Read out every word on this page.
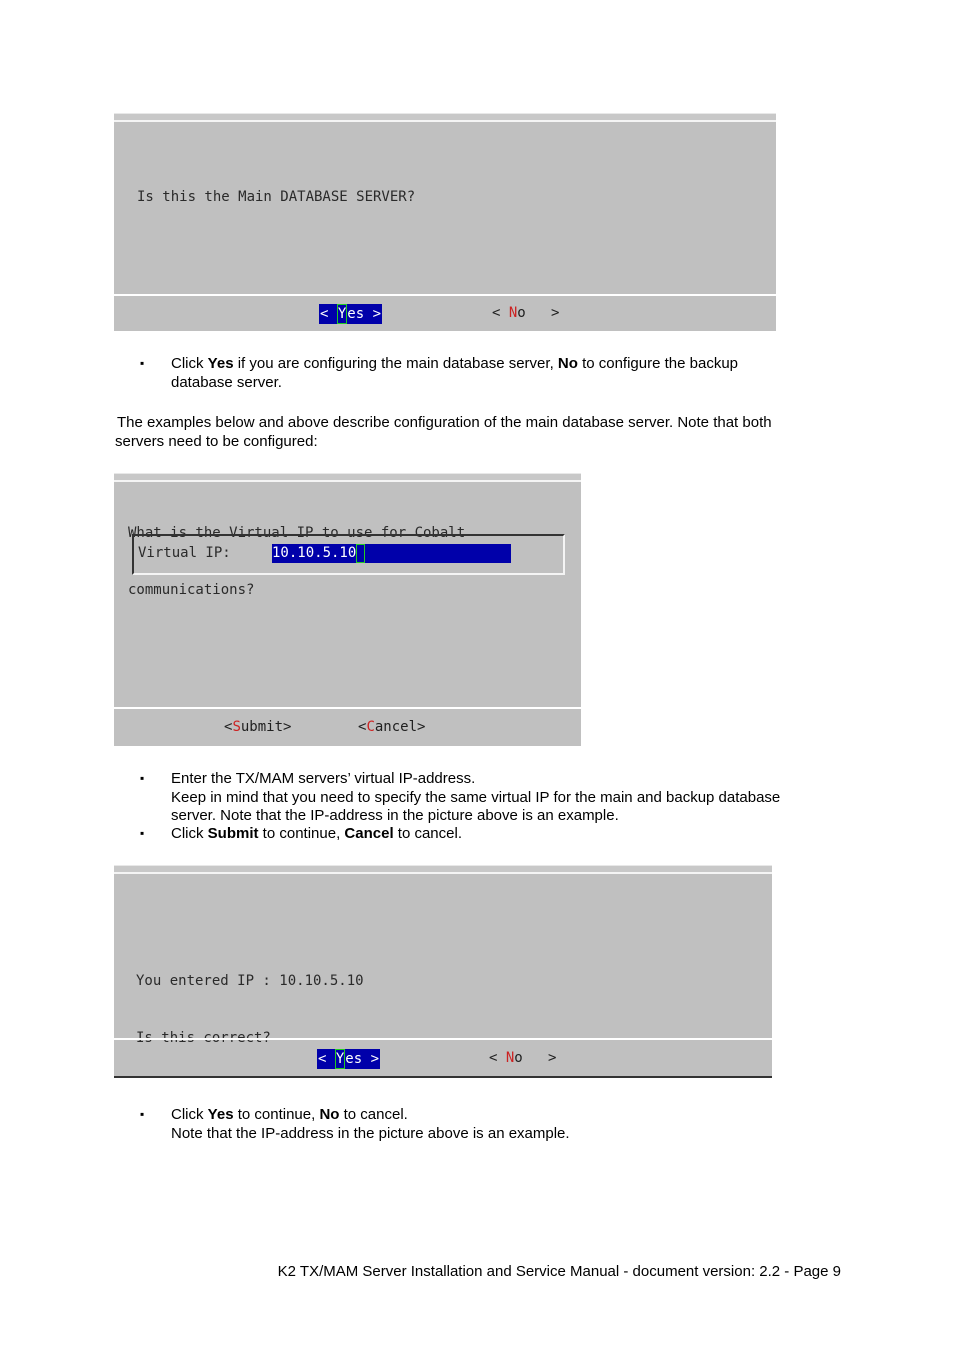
Is this the Main DATABASE SERVER?
< Yes >	< No   >
▪ Click Yes if you are configuring the main database server, No to configure the backup
database server.
The examples below and above describe configuration of the main database server. Note that both
servers need to be configured:

What is the Virtual IP to use for Cobalt

communications?

Virtual IP:	10.10.5.10
<Submit>	<Cancel>
▪ Enter the TX/MAM servers’ virtual IP-address.
Keep in mind that you need to specify the same virtual IP for the main and backup database
server. Note that the IP-address in the picture above is an example.
▪ Click Submit to continue, Cancel to cancel.

You entered IP : 10.10.5.10

Is this correct?

< Yes >	< No   >
▪ Click Yes to continue, No to cancel.
Note that the IP-address in the picture above is an example.
K2 TX/MAM Server Installation and Service Manual - document version: 2.2 - Page 9
